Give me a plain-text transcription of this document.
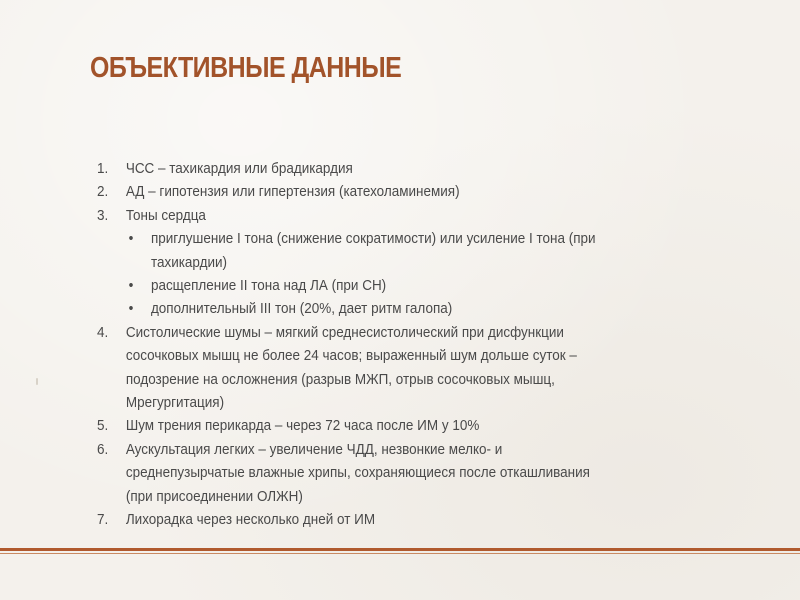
ОБЪЕКТИВНЫЕ ДАННЫЕ
1.	ЧСС – тахикардия или брадикардия
2.	АД – гипотензия или гипертензия (катехоламинемия)
3.	Тоны сердца
•	приглушение I тона (снижение сократимости) или усиление I тона (при тахикардии)
•	расщепление II тона над ЛА (при СН)
•	дополнительный III тон (20%, дает ритм галопа)
4.	Систолические шумы – мягкий среднесистолический при дисфункции сосочковых мышц не более 24 часов; выраженный шум дольше суток – подозрение на осложнения (разрыв МЖП, отрыв сосочковых мышц, Мрегургитация)
5.	Шум трения перикарда – через 72 часа после ИМ у 10%
6.	Аускультация легких – увеличение ЧДД, незвонкие мелко- и среднепузырчатые влажные хрипы, сохраняющиеся после откашливания (при присоединении ОЛЖН)
7.	Лихорадка через несколько дней от ИМ
